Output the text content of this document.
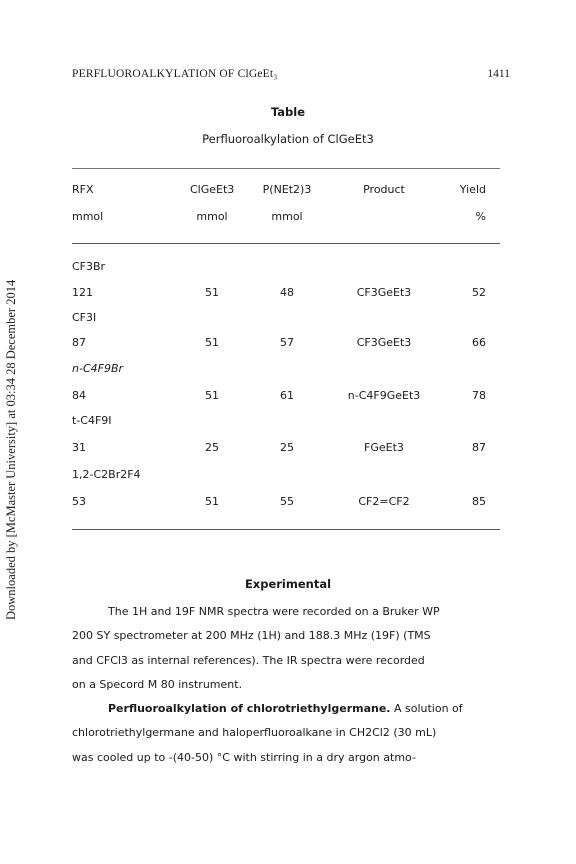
PERFLUOROALKYLATION OF ClGeEt₃	1411
Downloaded by [McMaster University] at 03:34 28 December 2014
Table
Perfluoroalkylation of ClGeEt3
RFX	ClGeEt3	P(NEt2)3	Product	Yield
mmol	mmol	mmol	%
CF3Br
121	51	48	CF3GeEt3	52
CF3I
87	51	57	CF3GeEt3	66
n-C4F9Br
84	51	61	n-C4F9GeEt3	78
t-C4F9I
31	25	25	FGeEt3	87
1,2-C2Br2F4
53	51	55	CF2=CF2	85
Experimental
The 1H and 19F NMR spectra were recorded on a Bruker WP
200 SY spectrometer at 200 MHz (1H) and 188.3 MHz (19F) (TMS
and CFCl3 as internal references). The IR spectra were recorded
on a Specord M 80 instrument.
Perfluoroalkylation of chlorotriethylgermane. A solution of
chlorotriethylgermane and haloperfluoroalkane in CH2Cl2 (30 mL)
was cooled up to -(40-50) °C with stirring in a dry argon atmo-
